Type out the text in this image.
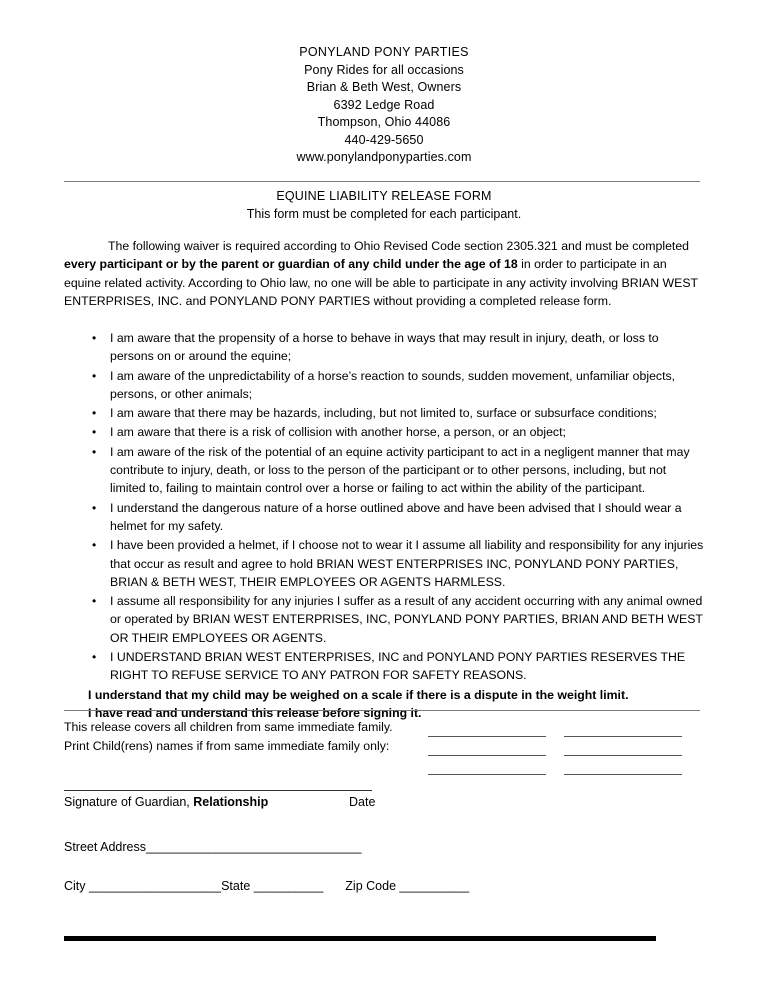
PONYLAND PONY PARTIES
Pony Rides for all occasions
Brian & Beth West, Owners
6392 Ledge Road
Thompson, Ohio 44086
440-429-5650
www.ponylandponyparties.com
EQUINE LIABILITY RELEASE FORM
This form must be completed for each participant.
The following waiver is required according to Ohio Revised Code section 2305.321 and must be completed every participant or by the parent or guardian of any child under the age of 18 in order to participate in an equine related activity. According to Ohio law, no one will be able to participate in any activity involving BRIAN WEST ENTERPRISES, INC. and PONYLAND PONY PARTIES without providing a completed release form.
• I am aware that the propensity of a horse to behave in ways that may result in injury, death, or loss to persons on or around the equine;
• I am aware of the unpredictability of a horse’s reaction to sounds, sudden movement, unfamiliar objects, persons, or other animals;
• I am aware that there may be hazards, including, but not limited to, surface or subsurface conditions;
• I am aware that there is a risk of collision with another horse, a person, or an object;
• I am aware of the risk of the potential of an equine activity participant to act in a negligent manner that may contribute to injury, death, or loss to the person of the participant or to other persons, including, but not limited to, failing to maintain control over a horse or failing to act within the ability of the participant.
• I understand the dangerous nature of a horse outlined above and have been advised that I should wear a helmet for my safety.
• I have been provided a helmet, if I choose not to wear it I assume all liability and responsibility for any injuries that occur as result and agree to hold BRIAN WEST ENTERPRISES INC, PONYLAND PONY PARTIES, BRIAN & BETH WEST, THEIR EMPLOYEES OR AGENTS HARMLESS.
• I assume all responsibility for any injuries I suffer as a result of any accident occurring with any animal owned or operated by BRIAN WEST ENTERPRISES, INC, PONYLAND PONY PARTIES, BRIAN AND BETH WEST OR THEIR EMPLOYEES OR AGENTS.
• I UNDERSTAND BRIAN WEST ENTERPRISES, INC and PONYLAND PONY PARTIES RESERVES THE RIGHT TO REFUSE SERVICE TO ANY PATRON FOR SAFETY REASONS.
I understand that my child may be weighed on a scale if there is a dispute in the weight limit.
I have read and understand this release before signing it.
This release covers all children from same immediate family.
Print Child(rens) names if from same immediate family only:
Signature of Guardian, Relationship	Date
Street Address_______________________________
City ___________________State __________ Zip Code __________
